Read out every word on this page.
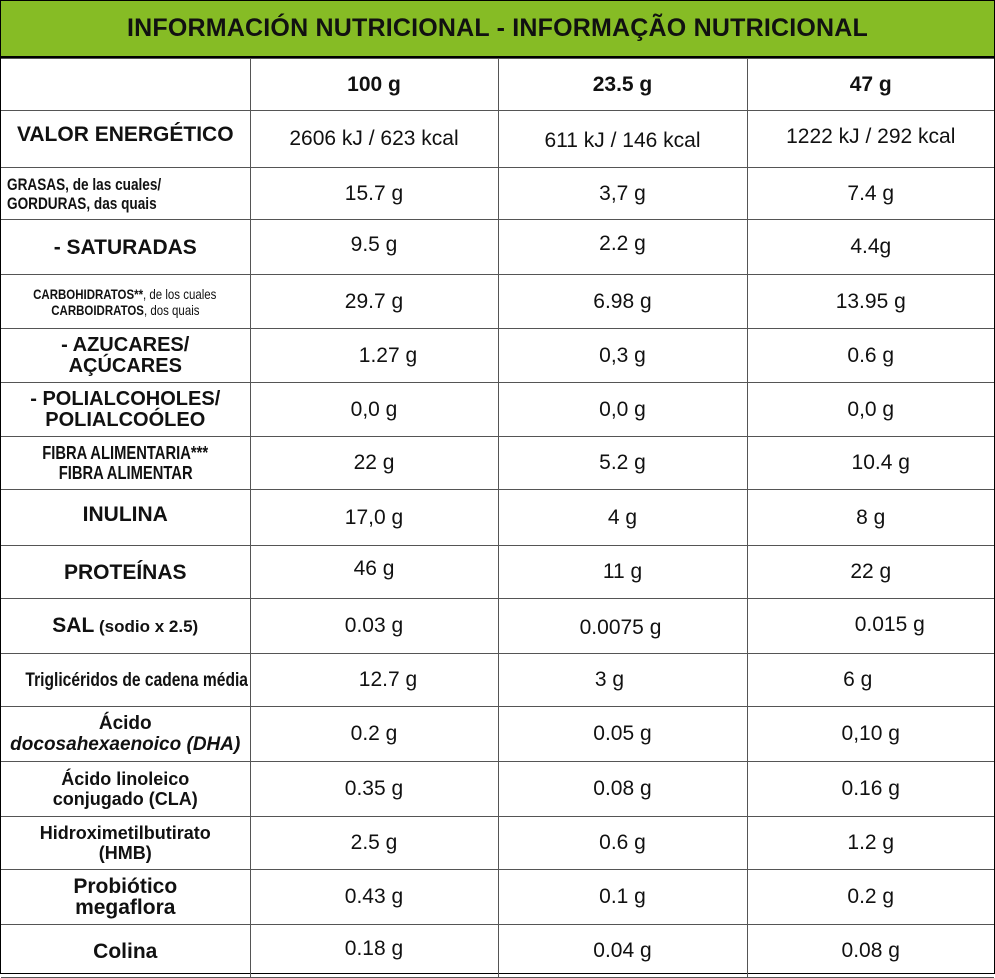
INFORMACIÓN NUTRICIONAL - INFORMAÇÃO NUTRICIONAL
	100 g	23.5 g	47 g
VALOR ENERGÉTICO	2606 kJ / 623 kcal	611 kJ / 146 kcal	1222 kJ / 292 kcal
GRASAS, de las cuales/
GORDURAS, das quais	15.7 g	3,7 g	7.4 g
- SATURADAS	9.5 g	2.2 g	4.4g
CARBOHIDRATOS**, de los cuales
CARBOIDRATOS, dos quais	29.7 g	6.98 g	13.95 g
- AZUCARES/
AÇÚCARES	1.27 g	0,3 g	0.6 g
- POLIALCOHOLES/
POLIALCOÓLEO	0,0 g	0,0 g	0,0 g
FIBRA ALIMENTARIA***
FIBRA ALIMENTAR	22 g	5.2 g	10.4 g
INULINA	17,0 g	4 g	8 g
PROTEÍNAS	46 g	11 g	22 g
SAL (sodio x 2.5)	0.03 g	0.0075 g	0.015 g
Triglicéridos de cadena média	12.7 g	3 g	6 g
Ácido
docosahexaenoico (DHA)	0.2 g	0.05 g	0,10 g
Ácido linoleico
conjugado (CLA)	0.35 g	0.08 g	0.16 g
Hidroximetilbutirato
(HMB)	2.5 g	0.6 g	1.2 g
Probiótico
megaflora	0.43 g	0.1 g	0.2 g
Colina	0.18 g	0.04 g	0.08 g
